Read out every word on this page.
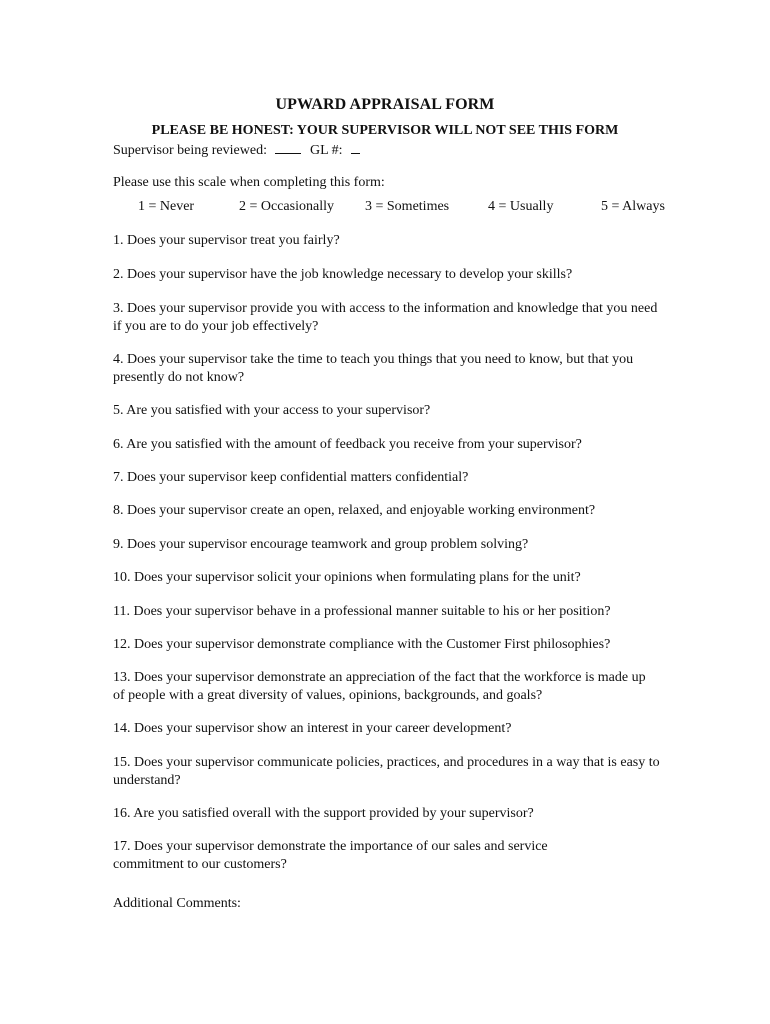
UPWARD APPRAISAL FORM
PLEASE BE HONEST: YOUR SUPERVISOR WILL NOT SEE THIS FORM
Supervisor being reviewed:	GL #:
Please use this scale when completing this form:
1 = Never	2 = Occasionally 3 = Sometimes	4 = Usually	5 = Always
1. Does your supervisor treat you fairly?
2. Does your supervisor have the job knowledge necessary to develop your skills?
3. Does your supervisor provide you with access to the information and knowledge that you need if you are to do your job effectively?
4. Does your supervisor take the time to teach you things that you need to know, but that you presently do not know?
5. Are you satisfied with your access to your supervisor?
6. Are you satisfied with the amount of feedback you receive from your supervisor?
7. Does your supervisor keep confidential matters confidential?
8. Does your supervisor create an open, relaxed, and enjoyable working environment?
9. Does your supervisor encourage teamwork and group problem solving?
10. Does your supervisor solicit your opinions when formulating plans for the unit?
11. Does your supervisor behave in a professional manner suitable to his or her position?
12. Does your supervisor demonstrate compliance with the Customer First philosophies?
13. Does your supervisor demonstrate an appreciation of the fact that the workforce is made up of people with a great diversity of values, opinions, backgrounds, and goals?
14. Does your supervisor show an interest in your career development?
15. Does your supervisor communicate policies, practices, and procedures in a way that is easy to understand?
16. Are you satisfied overall with the support provided by your supervisor?
17. Does your supervisor demonstrate the importance of our sales and service commitment to our customers?
Additional Comments:
